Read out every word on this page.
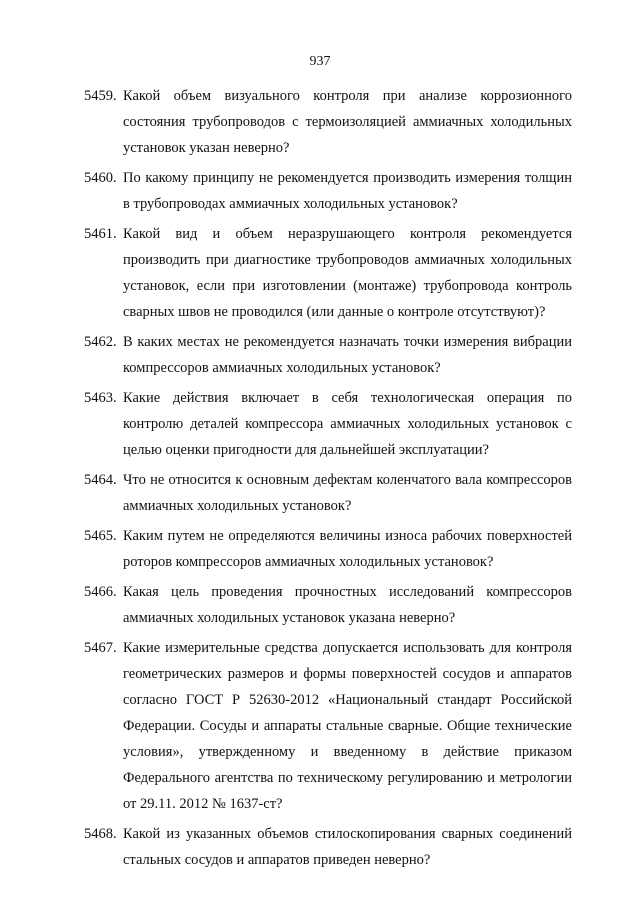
937
5459. Какой объем визуального контроля при анализе коррозионного состояния трубопроводов с термоизоляцией аммиачных холодильных установок указан неверно?
5460. По какому принципу не рекомендуется производить измерения толщин в трубопроводах аммиачных холодильных установок?
5461. Какой вид и объем неразрушающего контроля рекомендуется производить при диагностике трубопроводов аммиачных холодильных установок, если при изготовлении (монтаже) трубопровода контроль сварных швов не проводился (или данные о контроле отсутствуют)?
5462. В каких местах не рекомендуется назначать точки измерения вибрации компрессоров аммиачных холодильных установок?
5463. Какие действия включает в себя технологическая операция по контролю деталей компрессора аммиачных холодильных установок с целью оценки пригодности для дальнейшей эксплуатации?
5464. Что не относится к основным дефектам коленчатого вала компрессоров аммиачных холодильных установок?
5465. Каким путем не определяются величины износа рабочих поверхностей роторов компрессоров аммиачных холодильных установок?
5466. Какая цель проведения прочностных исследований компрессоров аммиачных холодильных установок указана неверно?
5467. Какие измерительные средства допускается использовать для контроля геометрических размеров и формы поверхностей сосудов и аппаратов согласно ГОСТ Р 52630-2012 «Национальный стандарт Российской Федерации. Сосуды и аппараты стальные сварные. Общие технические условия», утвержденному и введенному в действие приказом Федерального агентства по техническому регулированию и метрологии от 29.11. 2012 № 1637-ст?
5468. Какой из указанных объемов стилоскопирования сварных соединений стальных сосудов и аппаратов приведен неверно?
